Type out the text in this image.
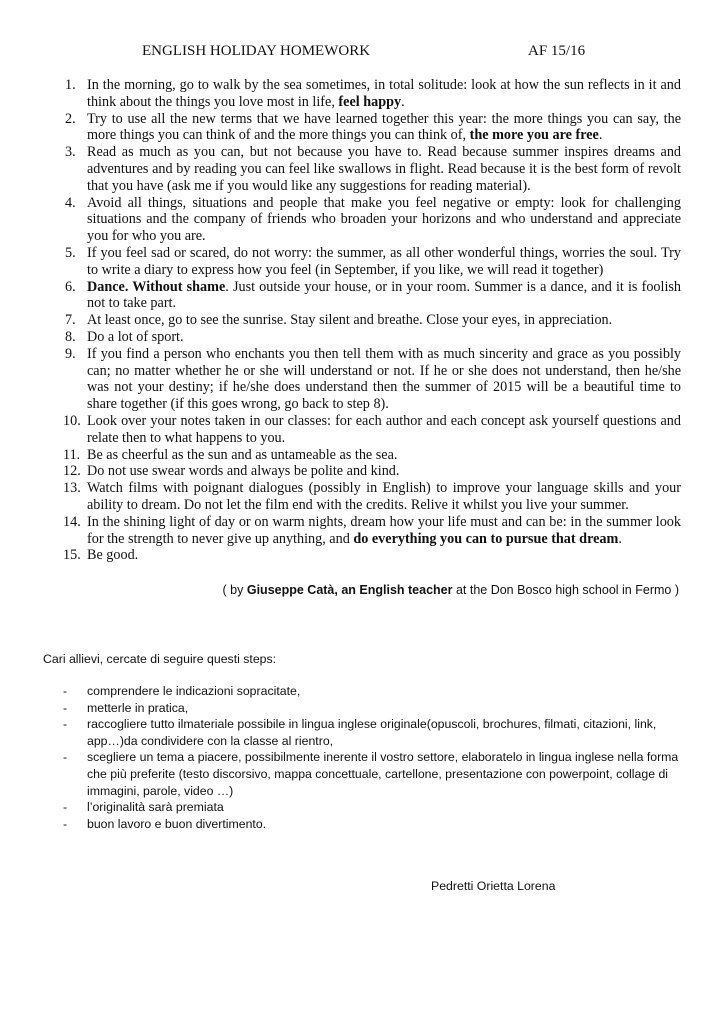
ENGLISH HOLIDAY HOMEWORK	AF 15/16
1. In the morning, go to walk by the sea sometimes, in total solitude: look at how the sun reflects in it and think about the things you love most in life, feel happy.
2. Try to use all the new terms that we have learned together this year: the more things you can say, the more things you can think of and the more things you can think of, the more you are free.
3. Read as much as you can, but not because you have to. Read because summer inspires dreams and adventures and by reading you can feel like swallows in flight. Read because it is the best form of revolt that you have (ask me if you would like any suggestions for reading material).
4. Avoid all things, situations and people that make you feel negative or empty: look for challenging situations and the company of friends who broaden your horizons and who understand and appreciate you for who you are.
5. If you feel sad or scared, do not worry: the summer, as all other wonderful things, worries the soul. Try to write a diary to express how you feel (in September, if you like, we will read it together)
6. Dance. Without shame. Just outside your house, or in your room. Summer is a dance, and it is foolish not to take part.
7. At least once, go to see the sunrise. Stay silent and breathe. Close your eyes, in appreciation.
8. Do a lot of sport.
9. If you find a person who enchants you then tell them with as much sincerity and grace as you possibly can; no matter whether he or she will understand or not. If he or she does not understand, then he/she was not your destiny; if he/she does understand then the summer of 2015 will be a beautiful time to share together (if this goes wrong, go back to step 8).
10. Look over your notes taken in our classes: for each author and each concept ask yourself questions and relate then to what happens to you.
11. Be as cheerful as the sun and as untameable as the sea.
12. Do not use swear words and always be polite and kind.
13. Watch films with poignant dialogues (possibly in English) to improve your language skills and your ability to dream. Do not let the film end with the credits. Relive it whilst you live your summer.
14. In the shining light of day or on warm nights, dream how your life must and can be: in the summer look for the strength to never give up anything, and do everything you can to pursue that dream.
15. Be good.
( by Giuseppe Catà, an English teacher at the Don Bosco high school in Fermo )
Cari allievi, cercate di seguire questi steps:
- comprendere le indicazioni sopracitate,
- metterle in pratica,
- raccogliere tutto ilmateriale possibile in lingua inglese originale(opuscoli, brochures, filmati, citazioni, link, app…)da condividere con la classe al rientro,
- scegliere un tema a piacere, possibilmente inerente il vostro settore, elaboratelo in lingua inglese nella forma che più preferite (testo discorsivo, mappa concettuale, cartellone, presentazione con powerpoint, collage di immagini, parole, video …)
- l’originalità sarà premiata
- buon lavoro e buon divertimento.
Pedretti Orietta Lorena
